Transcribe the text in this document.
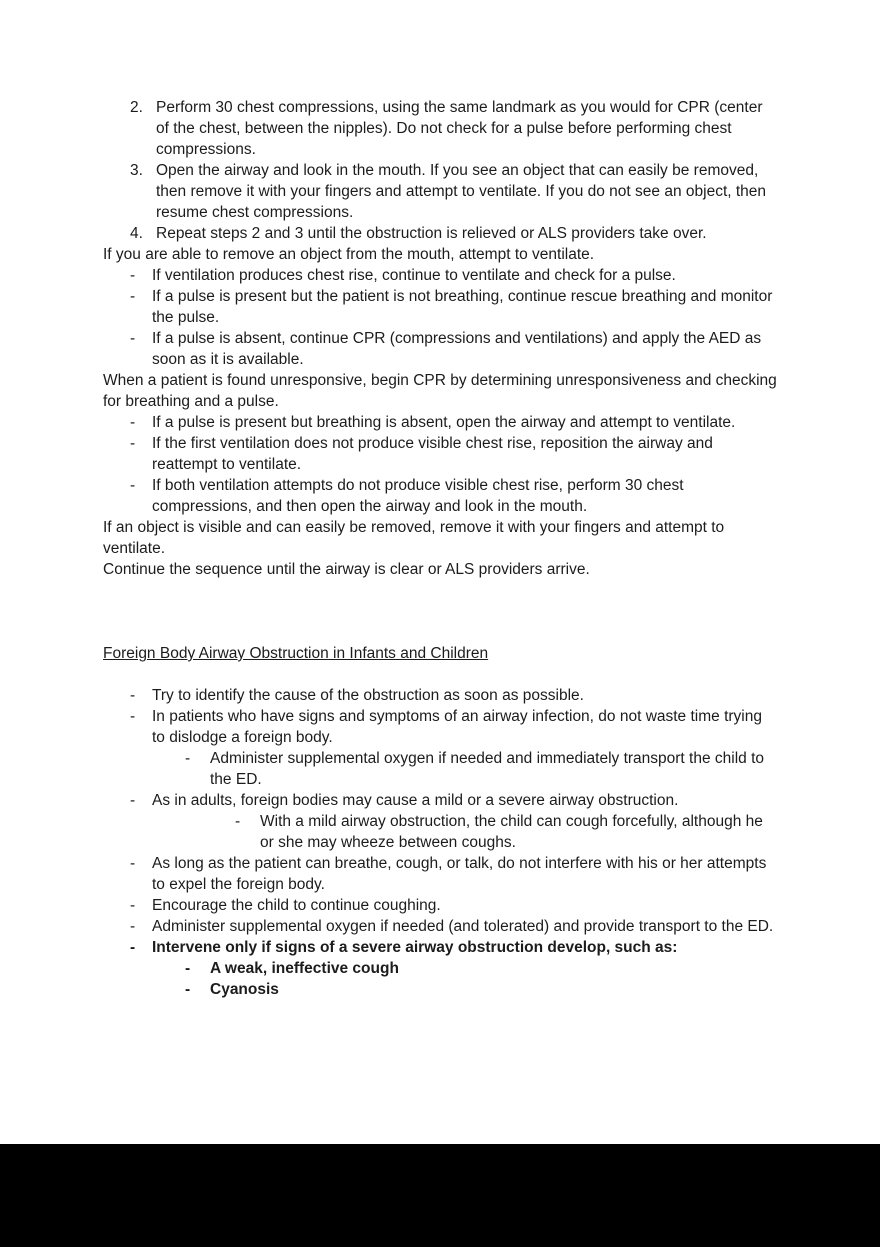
2. Perform 30 chest compressions, using the same landmark as you would for CPR (center of the chest, between the nipples). Do not check for a pulse before performing chest compressions.
3. Open the airway and look in the mouth. If you see an object that can easily be removed, then remove it with your fingers and attempt to ventilate. If you do not see an object, then resume chest compressions.
4. Repeat steps 2 and 3 until the obstruction is relieved or ALS providers take over.

If you are able to remove an object from the mouth, attempt to ventilate.

-	If ventilation produces chest rise, continue to ventilate and check for a pulse.
-	If a pulse is present but the patient is not breathing, continue rescue breathing and monitor the pulse.
-	If a pulse is absent, continue CPR (compressions and ventilations) and apply the AED as soon as it is available.

When a patient is found unresponsive, begin CPR by determining unresponsiveness and checking for breathing and a pulse.

-	If a pulse is present but breathing is absent, open the airway and attempt to ventilate.
-	If the first ventilation does not produce visible chest rise, reposition the airway and reattempt to ventilate.
-	If both ventilation attempts do not produce visible chest rise, perform 30 chest compressions, and then open the airway and look in the mouth.

If an object is visible and can easily be removed, remove it with your fingers and attempt to ventilate.

Continue the sequence until the airway is clear or ALS providers arrive.

Foreign Body Airway Obstruction in Infants and Children
-	Try to identify the cause of the obstruction as soon as possible.
-	In patients who have signs and symptoms of an airway infection, do not waste time trying to dislodge a foreign body.
-	Administer supplemental oxygen if needed and immediately transport the child to the ED.
-	As in adults, foreign bodies may cause a mild or a severe airway obstruction.
-	With a mild airway obstruction, the child can cough forcefully, although he or she may wheeze between coughs.
-	As long as the patient can breathe, cough, or talk, do not interfere with his or her attempts to expel the foreign body.
-	Encourage the child to continue coughing.
-	Administer supplemental oxygen if needed (and tolerated) and provide transport to the ED.
-	Intervene only if signs of a severe airway obstruction develop, such as:
-	A weak, ineffective cough
-	Cyanosis
